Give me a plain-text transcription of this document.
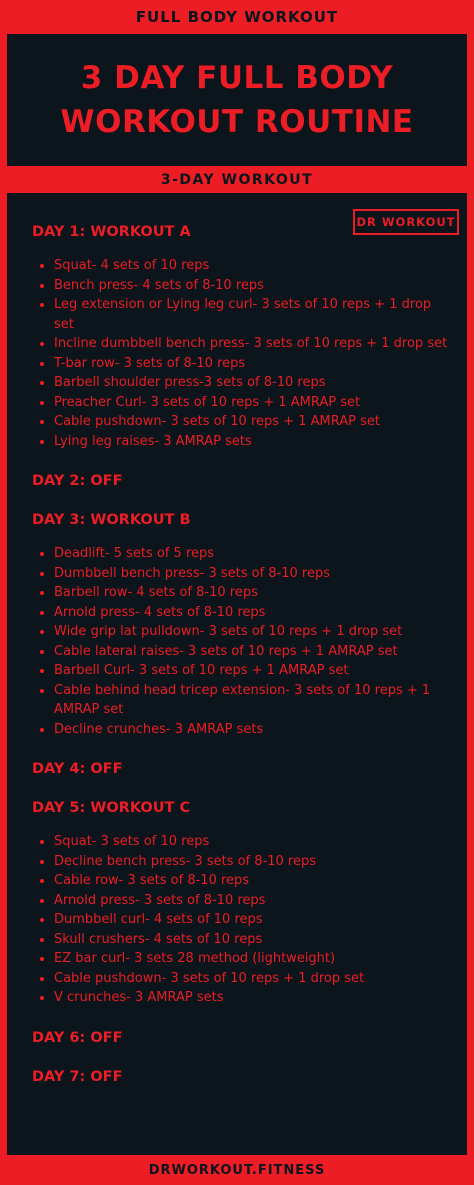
FULL BODY WORKOUT
3 DAY FULL BODY
WORKOUT ROUTINE
3-DAY WORKOUT
DR WORKOUT
DAY 1: WORKOUT A
• Squat- 4 sets of 10 reps
• Bench press- 4 sets of 8-10 reps
• Leg extension or Lying leg curl- 3 sets of 10 reps + 1 drop set
• Incline dumbbell bench press- 3 sets of 10 reps + 1 drop set
• T-bar row- 3 sets of 8-10 reps
• Barbell shoulder press-3 sets of 8-10 reps
• Preacher Curl- 3 sets of 10 reps + 1 AMRAP set
• Cable pushdown- 3 sets of 10 reps + 1 AMRAP set
• Lying leg raises- 3 AMRAP sets
DAY 2: OFF
DAY 3: WORKOUT B
• Deadlift- 5 sets of 5 reps
• Dumbbell bench press- 3 sets of 8-10 reps
• Barbell row- 4 sets of 8-10 reps
• Arnold press- 4 sets of 8-10 reps
• Wide grip lat pulldown- 3 sets of 10 reps + 1 drop set
• Cable lateral raises- 3 sets of 10 reps + 1 AMRAP set
• Barbell Curl- 3 sets of 10 reps + 1 AMRAP set
• Cable behind head tricep extension- 3 sets of 10 reps + 1 AMRAP set
• Decline crunches- 3 AMRAP sets
DAY 4: OFF
DAY 5: WORKOUT C
• Squat- 3 sets of 10 reps
• Decline bench press- 3 sets of 8-10 reps
• Cable row- 3 sets of 8-10 reps
• Arnold press- 3 sets of 8-10 reps
• Dumbbell curl- 4 sets of 10 reps
• Skull crushers- 4 sets of 10 reps
• EZ bar curl- 3 sets 28 method (lightweight)
• Cable pushdown- 3 sets of 10 reps + 1 drop set
• V crunches- 3 AMRAP sets
DAY 6: OFF
DAY 7: OFF
DRWORKOUT.FITNESS
